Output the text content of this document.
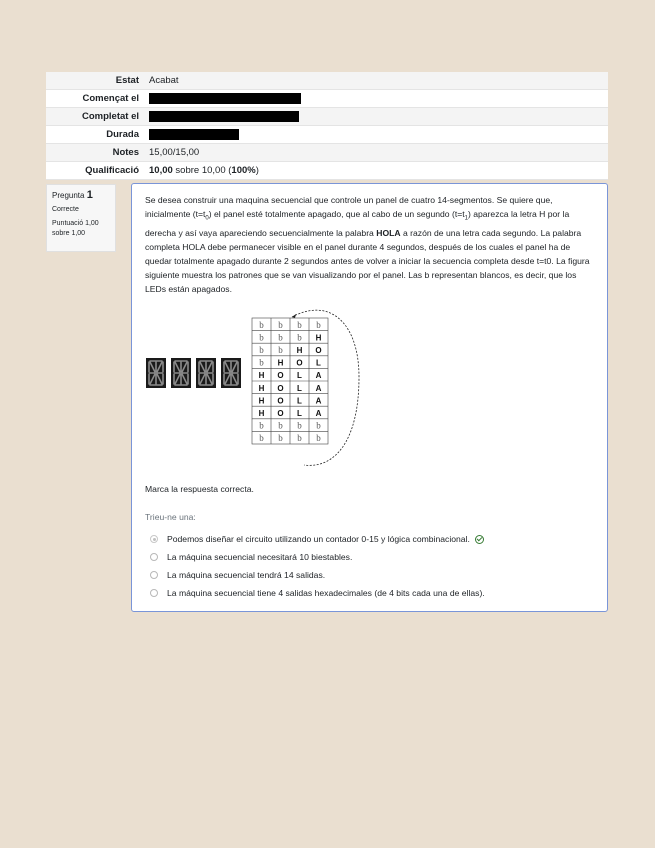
Estat	Acabat
Començat el	
Completat el	
Durada	
Notes	15,00/15,00
Qualificació	10,00 sobre 10,00 (100%)
Pregunta 1
Correcte
Puntuació 1,00 sobre 1,00

Se desea construir una maquina secuencial que controle un panel de cuatro 14-segmentos. Se quiere que, inicialmente $(t=t_0)$ el panel esté totalmente apagado, que al cabo de un segundo $(t=t_1)$ aparezca la letra H por la derecha y así vaya apareciendo secuencialmente la palabra HOLA a razón de una letra cada segundo. La palabra completa HOLA debe permanecer visible en el panel durante 4 segundos, después de los cuales el panel ha de quedar totalmente apagado durante 2 segundos antes de volver a iniciar la secuencia completa desde t=t0. La figura siguiente muestra los patrones que se van visualizando por el panel. Las b representan blancos, es decir, que los LEDs están apagados.

b b b b
b b b H
b b H O
b H O L
H O L A
H O L A
H O L A
H O L A
b b b b
b b b b

Marca la respuesta correcta.

Trieu-ne una:

Podemos diseñar el circuito utilizando un contador 0-15 y lógica combinacional.
La máquina secuencial necesitará 10 biestables.
La máquina secuencial tendrá 14 salidas.
La máquina secuencial tiene 4 salidas hexadecimales (de 4 bits cada una de ellas).
